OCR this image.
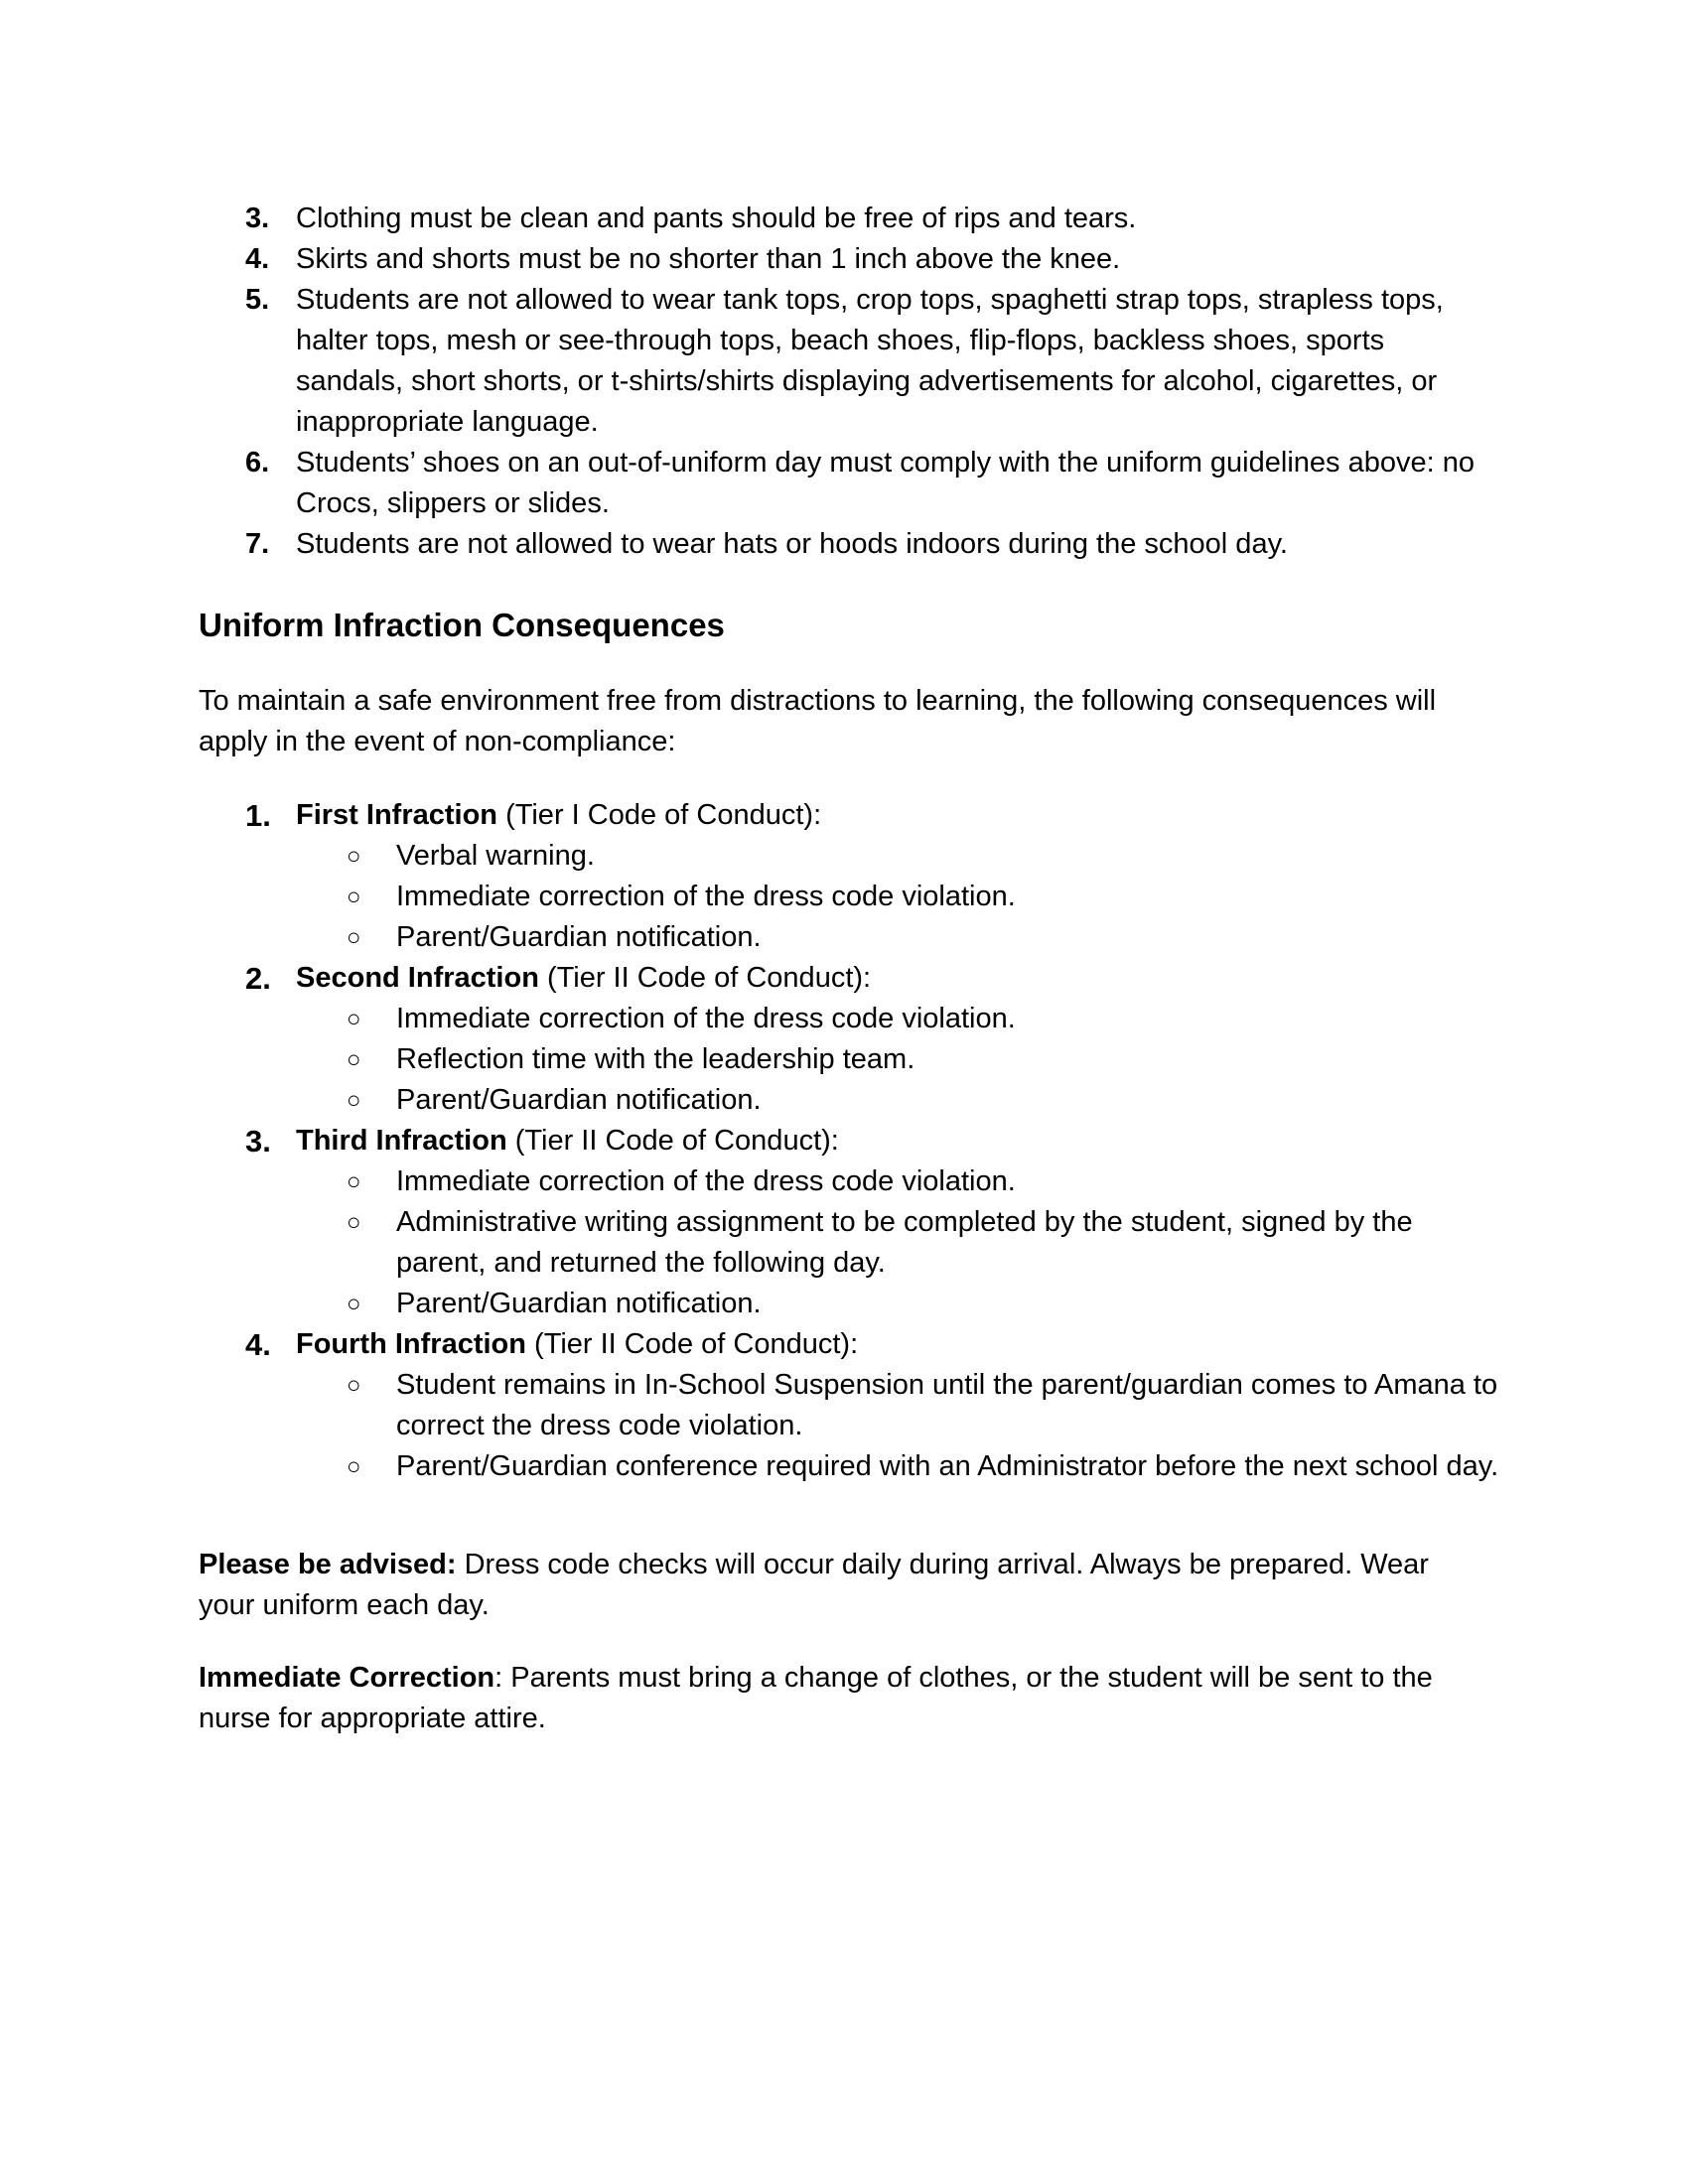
3. Clothing must be clean and pants should be free of rips and tears.
4. Skirts and shorts must be no shorter than 1 inch above the knee.
5. Students are not allowed to wear tank tops, crop tops, spaghetti strap tops, strapless tops, halter tops, mesh or see-through tops, beach shoes, flip-flops, backless shoes, sports sandals, short shorts, or t-shirts/shirts displaying advertisements for alcohol, cigarettes, or inappropriate language.
6. Students’ shoes on an out-of-uniform day must comply with the uniform guidelines above: no Crocs, slippers or slides.
7. Students are not allowed to wear hats or hoods indoors during the school day.
Uniform Infraction Consequences

To maintain a safe environment free from distractions to learning, the following consequences will apply in the event of non-compliance:

1. First Infraction (Tier I Code of Conduct):
○ Verbal warning.
○ Immediate correction of the dress code violation.
○ Parent/Guardian notification.
2. Second Infraction (Tier II Code of Conduct):
○ Immediate correction of the dress code violation.
○ Reflection time with the leadership team.
○ Parent/Guardian notification.
3. Third Infraction (Tier II Code of Conduct):
○ Immediate correction of the dress code violation.
○ Administrative writing assignment to be completed by the student, signed by the parent, and returned the following day.
○ Parent/Guardian notification.
4. Fourth Infraction (Tier II Code of Conduct):
○ Student remains in In-School Suspension until the parent/guardian comes to Amana to correct the dress code violation.
○ Parent/Guardian conference required with an Administrator before the next school day.

Please be advised: Dress code checks will occur daily during arrival. Always be prepared. Wear your uniform each day.

Immediate Correction: Parents must bring a change of clothes, or the student will be sent to the nurse for appropriate attire.
